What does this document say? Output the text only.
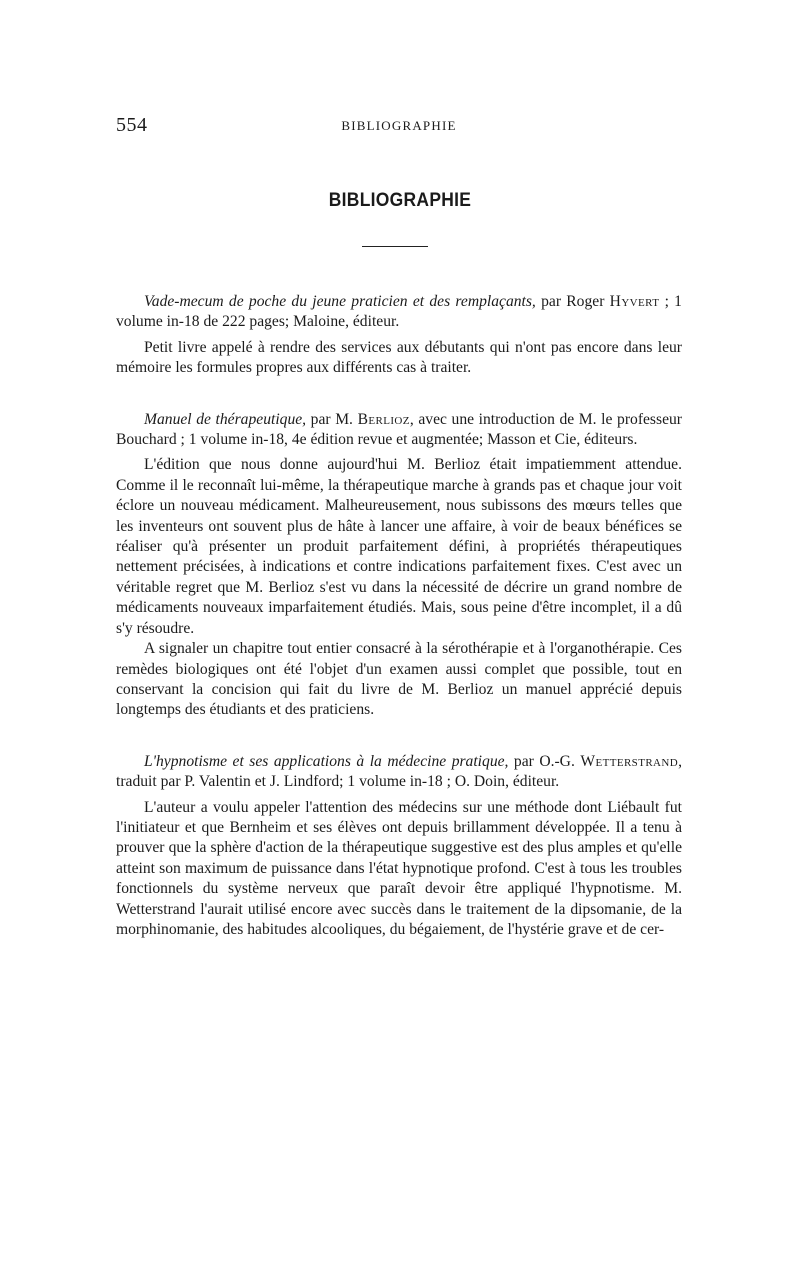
554	BIBLIOGRAPHIE
BIBLIOGRAPHIE

Vade-mecum de poche du jeune praticien et des remplaçants, par Roger Hyvert ; 1 volume in-18 de 222 pages; Maloine, éditeur.

Petit livre appelé à rendre des services aux débutants qui n'ont pas encore dans leur mémoire les formules propres aux différents cas à traiter.

Manuel de thérapeutique, par M. Berlioz, avec une introduction de M. le professeur Bouchard ; 1 volume in-18, 4e édition revue et augmentée; Masson et Cie, éditeurs.

L'édition que nous donne aujourd'hui M. Berlioz était impatiemment attendue. Comme il le reconnaît lui-même, la thérapeutique marche à grands pas et chaque jour voit éclore un nouveau médicament. Malheureusement, nous subissons des mœurs telles que les inventeurs ont souvent plus de hâte à lancer une affaire, à voir de beaux bénéfices se réaliser qu'à présenter un produit parfaitement défini, à propriétés thérapeutiques nettement précisées, à indications et contre indications parfaitement fixes. C'est avec un véritable regret que M. Berlioz s'est vu dans la nécessité de décrire un grand nombre de médicaments nouveaux imparfaitement étudiés. Mais, sous peine d'être incomplet, il a dû s'y résoudre.

A signaler un chapitre tout entier consacré à la sérothérapie et à l'organothérapie. Ces remèdes biologiques ont été l'objet d'un examen aussi complet que possible, tout en conservant la concision qui fait du livre de M. Berlioz un manuel apprécié depuis longtemps des étudiants et des praticiens.

L'hypnotisme et ses applications à la médecine pratique, par O.-G. Wetterstrand, traduit par P. Valentin et J. Lindford; 1 volume in-18 ; O. Doin, éditeur.

L'auteur a voulu appeler l'attention des médecins sur une méthode dont Liébault fut l'initiateur et que Bernheim et ses élèves ont depuis brillamment développée. Il a tenu à prouver que la sphère d'action de la thérapeutique suggestive est des plus amples et qu'elle atteint son maximum de puissance dans l'état hypnotique profond. C'est à tous les troubles fonctionnels du système nerveux que paraît devoir être appliqué l'hypnotisme. M. Wetterstrand l'aurait utilisé encore avec succès dans le traitement de la dipsomanie, de la morphinomanie, des habitudes alcooliques, du bégaiement, de l'hystérie grave et de cer-
